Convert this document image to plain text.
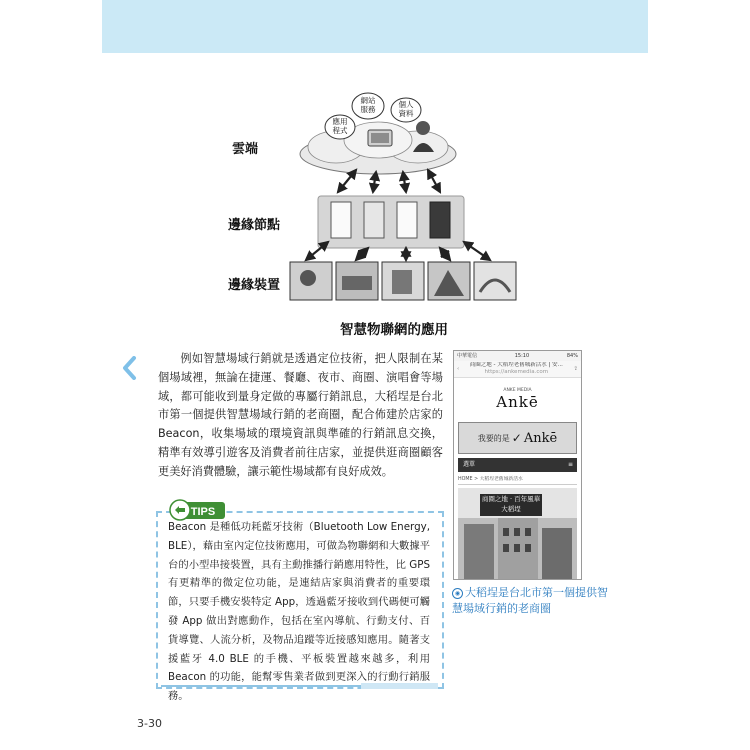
網站
服務
個人
資料
應用
程式
雲端
邊緣節點
邊緣裝置
智慧物聯網的應用
例如智慧場域行銷就是透過定位技術，把人限制在某個場域裡，無論在捷運、餐廳、夜市、商圈、演唱會等場域，都可能收到量身定做的專屬行銷訊息，大稻埕是台北市第一個提供智慧場域行銷的老商圈，配合佈建於店家的 Beacon，收集場域的環境資訊與準確的行銷訊息交換，精準有效導引遊客及消費者前往店家，並提供逛商圈顧客更美好消費體驗，讓示範性場域都有良好成效。
中華電信	15:10	84%
‹
商圈之地 - 大稻埕老舊城新活水 | 安...
https://ankemedia.com	⇪
ANKE MEDIA
Ankē
我要的是 ✓ Ankē
選單	≡
HOME > 大稻埕老舊城新活水
商圈之地 · 百年風華大稻埕
◉ 大稻埕是台北市第一個提供智慧場域行銷的老商圈
TIPS
Beacon 是種低功耗藍牙技術（Bluetooth Low Energy, BLE），藉由室內定位技術應用，可做為物聯網和大數據平台的小型串接裝置，具有主動推播行銷應用特性，比 GPS 有更精準的微定位功能，是連結店家與消費者的重要環節，只要手機安裝特定 App，透過藍牙接收到代碼便可觸發 App 做出對應動作，包括在室內導航、行動支付、百貨導覽、人流分析，及物品追蹤等近接感知應用。隨著支援藍牙 4.0 BLE 的手機、平板裝置越來越多，利用 Beacon 的功能，能幫零售業者做到更深入的行動行銷服務。
3-30
